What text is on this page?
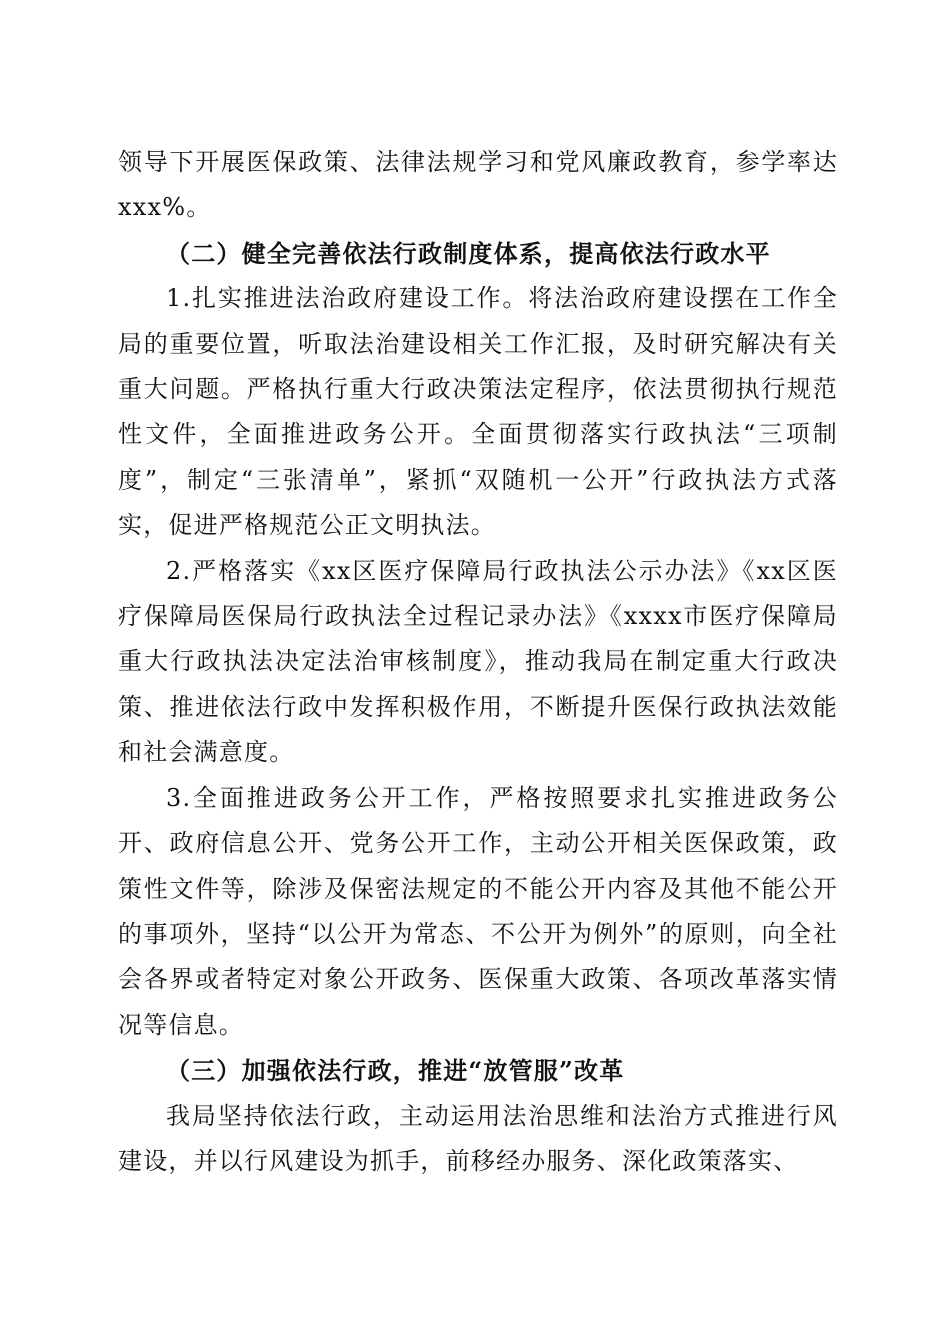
领导下开展医保政策、法律法规学习和党风廉政教育，参学率达xxx%。

（二）健全完善依法行政制度体系，提高依法行政水平

1.扎实推进法治政府建设工作。将法治政府建设摆在工作全局的重要位置，听取法治建设相关工作汇报，及时研究解决有关重大问题。严格执行重大行政决策法定程序，依法贯彻执行规范性文件，全面推进政务公开。全面贯彻落实行政执法“三项制度”，制定“三张清单”，紧抓“双随机一公开”行政执法方式落实，促进严格规范公正文明执法。

2.严格落实《xx区医疗保障局行政执法公示办法》《xx区医疗保障局医保局行政执法全过程记录办法》《xxxx市医疗保障局重大行政执法决定法治审核制度》，推动我局在制定重大行政决策、推进依法行政中发挥积极作用，不断提升医保行政执法效能和社会满意度。

3.全面推进政务公开工作，严格按照要求扎实推进政务公开、政府信息公开、党务公开工作，主动公开相关医保政策，政策性文件等，除涉及保密法规定的不能公开内容及其他不能公开的事项外，坚持“以公开为常态、不公开为例外”的原则，向全社会各界或者特定对象公开政务、医保重大政策、各项改革落实情况等信息。

（三）加强依法行政，推进“放管服”改革

我局坚持依法行政，主动运用法治思维和法治方式推进行风建设，并以行风建设为抓手，前移经办服务、深化政策落实、
